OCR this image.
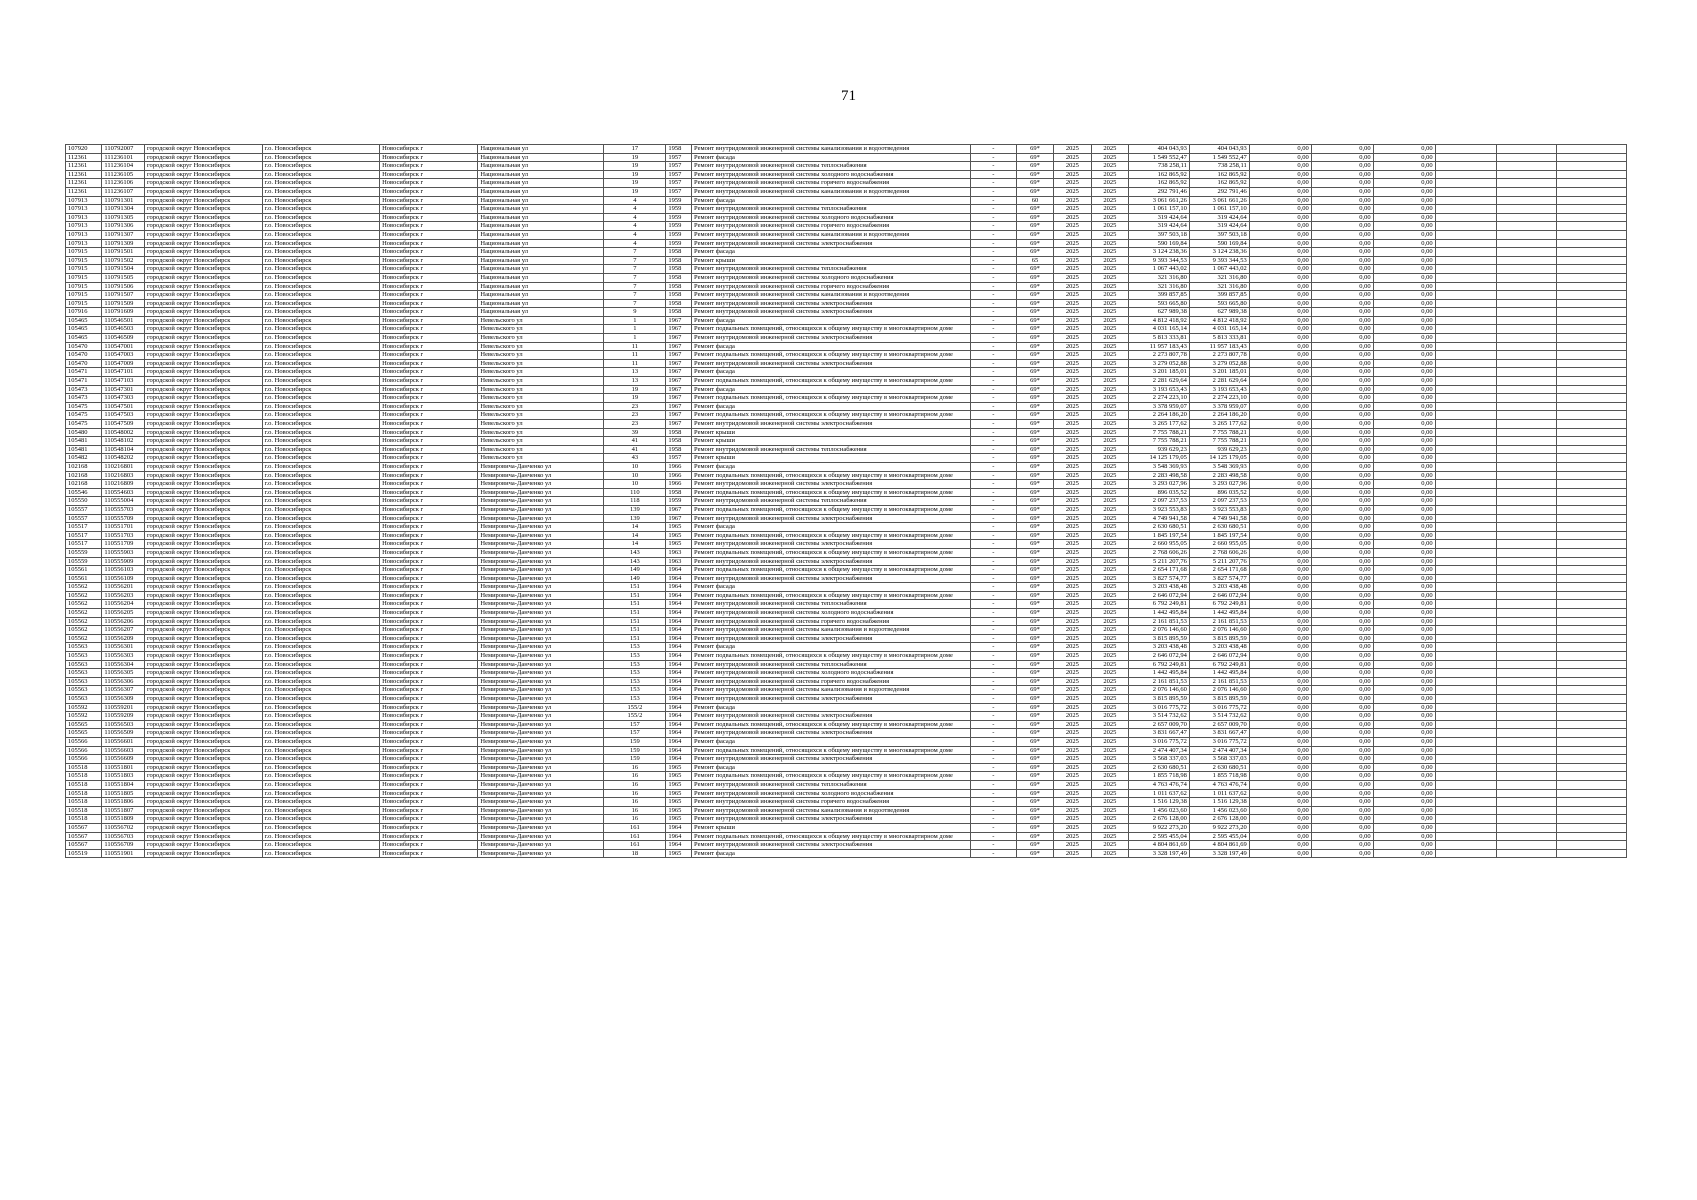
71
107920	110792007	городской округ Новосибирск	г.о. Новосибирск	Новосибирск г	Национальная ул	17	1958	Ремонт внутридомовой инженерной системы канализования и водоотведения	-	69*	2025	2025	404 043,93	404 043,93	0,00	0,00	0,00			
112361	111236101	городской округ Новосибирск	г.о. Новосибирск	Новосибирск г	Национальная ул	19	1957	Ремонт фасада	-	69*	2025	2025	1 549 552,47	1 549 552,47	0,00	0,00	0,00			
112361	111236104	городской округ Новосибирск	г.о. Новосибирск	Новосибирск г	Национальная ул	19	1957	Ремонт внутридомовой инженерной системы теплоснабжения	-	69*	2025	2025	738 258,11	738 258,11	0,00	0,00	0,00			
112361	111236105	городской округ Новосибирск	г.о. Новосибирск	Новосибирск г	Национальная ул	19	1957	Ремонт внутридомовой инженерной системы холодного водоснабжения	-	69*	2025	2025	162 865,92	162 865,92	0,00	0,00	0,00			
112361	111236106	городской округ Новосибирск	г.о. Новосибирск	Новосибирск г	Национальная ул	19	1957	Ремонт внутридомовой инженерной системы горячего водоснабжения	-	69*	2025	2025	162 865,92	162 865,92	0,00	0,00	0,00			
112361	111236107	городской округ Новосибирск	г.о. Новосибирск	Новосибирск г	Национальная ул	19	1957	Ремонт внутридомовой инженерной системы канализования и водоотведения	-	69*	2025	2025	292 791,46	292 791,46	0,00	0,00	0,00			
107913	110791301	городской округ Новосибирск	г.о. Новосибирск	Новосибирск г	Национальная ул	4	1959	Ремонт фасада	-	60	2025	2025	3 061 661,26	3 061 661,26	0,00	0,00	0,00			
107913	110791304	городской округ Новосибирск	г.о. Новосибирск	Новосибирск г	Национальная ул	4	1959	Ремонт внутридомовой инженерной системы теплоснабжения	-	69*	2025	2025	1 061 157,10	1 061 157,10	0,00	0,00	0,00			
107913	110791305	городской округ Новосибирск	г.о. Новосибирск	Новосибирск г	Национальная ул	4	1959	Ремонт внутридомовой инженерной системы холодного водоснабжения	-	69*	2025	2025	319 424,64	319 424,64	0,00	0,00	0,00			
107913	110791306	городской округ Новосибирск	г.о. Новосибирск	Новосибирск г	Национальная ул	4	1959	Ремонт внутридомовой инженерной системы горячего водоснабжения	-	69*	2025	2025	319 424,64	319 424,64	0,00	0,00	0,00			
107913	110791307	городской округ Новосибирск	г.о. Новосибирск	Новосибирск г	Национальная ул	4	1959	Ремонт внутридомовой инженерной системы канализования и водоотведения	-	69*	2025	2025	397 503,18	397 503,18	0,00	0,00	0,00			
107913	110791309	городской округ Новосибирск	г.о. Новосибирск	Новосибирск г	Национальная ул	4	1959	Ремонт внутридомовой инженерной системы электроснабжения	-	69*	2025	2025	590 169,84	590 169,84	0,00	0,00	0,00			
107915	110791501	городской округ Новосибирск	г.о. Новосибирск	Новосибирск г	Национальная ул	7	1958	Ремонт фасада	-	69*	2025	2025	3 124 238,36	3 124 238,36	0,00	0,00	0,00			
107915	110791502	городской округ Новосибирск	г.о. Новосибирск	Новосибирск г	Национальная ул	7	1958	Ремонт крыши	-	65	2025	2025	9 393 344,53	9 393 344,53	0,00	0,00	0,00			
107915	110791504	городской округ Новосибирск	г.о. Новосибирск	Новосибирск г	Национальная ул	7	1958	Ремонт внутридомовой инженерной системы теплоснабжения	-	69*	2025	2025	1 067 443,02	1 067 443,02	0,00	0,00	0,00			
107915	110791505	городской округ Новосибирск	г.о. Новосибирск	Новосибирск г	Национальная ул	7	1958	Ремонт внутридомовой инженерной системы холодного водоснабжения	-	69*	2025	2025	321 316,80	321 316,80	0,00	0,00	0,00			
107915	110791506	городской округ Новосибирск	г.о. Новосибирск	Новосибирск г	Национальная ул	7	1958	Ремонт внутридомовой инженерной системы горячего водоснабжения	-	69*	2025	2025	321 316,80	321 316,80	0,00	0,00	0,00			
107915	110791507	городской округ Новосибирск	г.о. Новосибирск	Новосибирск г	Национальная ул	7	1958	Ремонт внутридомовой инженерной системы канализования и водоотведения	-	69*	2025	2025	399 857,85	399 857,85	0,00	0,00	0,00			
107915	110791509	городской округ Новосибирск	г.о. Новосибирск	Новосибирск г	Национальная ул	7	1958	Ремонт внутридомовой инженерной системы электроснабжения	-	69*	2025	2025	593 665,80	593 665,80	0,00	0,00	0,00			
107916	110791609	городской округ Новосибирск	г.о. Новосибирск	Новосибирск г	Национальная ул	9	1958	Ремонт внутридомовой инженерной системы электроснабжения	-	69*	2025	2025	627 989,38	627 989,38	0,00	0,00	0,00			
105465	110546501	городской округ Новосибирск	г.о. Новосибирск	Новосибирск г	Невельского ул	1	1967	Ремонт фасада	-	69*	2025	2025	4 812 418,92	4 812 418,92	0,00	0,00	0,00			
105465	110546503	городской округ Новосибирск	г.о. Новосибирск	Новосибирск г	Невельского ул	1	1967	Ремонт подвальных помещений, относящихся к общему имуществу в многоквартирном доме	-	69*	2025	2025	4 031 165,14	4 031 165,14	0,00	0,00	0,00			
105465	110546509	городской округ Новосибирск	г.о. Новосибирск	Новосибирск г	Невельского ул	1	1967	Ремонт внутридомовой инженерной системы электроснабжения	-	69*	2025	2025	5 813 333,81	5 813 333,81	0,00	0,00	0,00			
105470	110547001	городской округ Новосибирск	г.о. Новосибирск	Новосибирск г	Невельского ул	11	1967	Ремонт фасада	-	69*	2025	2025	11 957 183,43	11 957 183,43	0,00	0,00	0,00			
105470	110547003	городской округ Новосибирск	г.о. Новосибирск	Новосибирск г	Невельского ул	11	1967	Ремонт подвальных помещений, относящихся к общему имуществу в многоквартирном доме	-	69*	2025	2025	2 273 807,78	2 273 807,78	0,00	0,00	0,00			
105470	110547009	городской округ Новосибирск	г.о. Новосибирск	Новосибирск г	Невельского ул	11	1967	Ремонт внутридомовой инженерной системы электроснабжения	-	69*	2025	2025	3 279 052,88	3 279 052,88	0,00	0,00	0,00			
105471	110547101	городской округ Новосибирск	г.о. Новосибирск	Новосибирск г	Невельского ул	13	1967	Ремонт фасада	-	69*	2025	2025	3 201 185,01	3 201 185,01	0,00	0,00	0,00			
105471	110547103	городской округ Новосибирск	г.о. Новосибирск	Новосибирск г	Невельского ул	13	1967	Ремонт подвальных помещений, относящихся к общему имуществу в многоквартирном доме	-	69*	2025	2025	2 281 629,64	2 281 629,64	0,00	0,00	0,00			
105473	110547301	городской округ Новосибирск	г.о. Новосибирск	Новосибирск г	Невельского ул	19	1967	Ремонт фасада	-	69*	2025	2025	3 193 653,43	3 193 653,43	0,00	0,00	0,00			
105473	110547303	городской округ Новосибирск	г.о. Новосибирск	Новосибирск г	Невельского ул	19	1967	Ремонт подвальных помещений, относящихся к общему имуществу в многоквартирном доме	-	69*	2025	2025	2 274 223,10	2 274 223,10	0,00	0,00	0,00			
105475	110547501	городской округ Новосибирск	г.о. Новосибирск	Новосибирск г	Невельского ул	23	1967	Ремонт фасада	-	69*	2025	2025	3 378 959,07	3 378 959,07	0,00	0,00	0,00			
105475	110547503	городской округ Новосибирск	г.о. Новосибирск	Новосибирск г	Невельского ул	23	1967	Ремонт подвальных помещений, относящихся к общему имуществу в многоквартирном доме	-	69*	2025	2025	2 264 186,20	2 264 186,20	0,00	0,00	0,00			
105475	110547509	городской округ Новосибирск	г.о. Новосибирск	Новосибирск г	Невельского ул	23	1967	Ремонт внутридомовой инженерной системы электроснабжения	-	69*	2025	2025	3 265 177,62	3 265 177,62	0,00	0,00	0,00			
105480	110548002	городской округ Новосибирск	г.о. Новосибирск	Новосибирск г	Невельского ул	39	1958	Ремонт крыши	-	69*	2025	2025	7 755 788,21	7 755 788,21	0,00	0,00	0,00			
105481	110548102	городской округ Новосибирск	г.о. Новосибирск	Новосибирск г	Невельского ул	41	1958	Ремонт крыши	-	69*	2025	2025	7 755 788,21	7 755 788,21	0,00	0,00	0,00			
105481	110548104	городской округ Новосибирск	г.о. Новосибирск	Новосибирск г	Невельского ул	41	1958	Ремонт внутридомовой инженерной системы теплоснабжения	-	69*	2025	2025	939 629,23	939 629,23	0,00	0,00	0,00			
105482	110548202	городской округ Новосибирск	г.о. Новосибирск	Новосибирск г	Невельского ул	43	1957	Ремонт крыши	-	69*	2025	2025	14 125 179,05	14 125 179,05	0,00	0,00	0,00			
102168	110216801	городской округ Новосибирск	г.о. Новосибирск	Новосибирск г	Немировича-Данченко ул	10	1966	Ремонт фасада	-	69*	2025	2025	3 548 369,93	3 548 369,93	0,00	0,00	0,00			
102168	110216803	городской округ Новосибирск	г.о. Новосибирск	Новосибирск г	Немировича-Данченко ул	10	1966	Ремонт подвальных помещений, относящихся к общему имуществу в многоквартирном доме	-	69*	2025	2025	2 283 498,58	2 283 498,58	0,00	0,00	0,00			
102168	110216809	городской округ Новосибирск	г.о. Новосибирск	Новосибирск г	Немировича-Данченко ул	10	1966	Ремонт внутридомовой инженерной системы электроснабжения	-	69*	2025	2025	3 293 027,96	3 293 027,96	0,00	0,00	0,00			
105546	110554603	городской округ Новосибирск	г.о. Новосибирск	Новосибирск г	Немировича-Данченко ул	110	1958	Ремонт подвальных помещений, относящихся к общему имуществу в многоквартирном доме	-	69*	2025	2025	896 035,52	896 035,52	0,00	0,00	0,00			
105550	110555004	городской округ Новосибирск	г.о. Новосибирск	Новосибирск г	Немировича-Данченко ул	118	1959	Ремонт внутридомовой инженерной системы теплоснабжения	-	69*	2025	2025	2 097 237,53	2 097 237,53	0,00	0,00	0,00			
105557	110555703	городской округ Новосибирск	г.о. Новосибирск	Новосибирск г	Немировича-Данченко ул	139	1967	Ремонт подвальных помещений, относящихся к общему имуществу в многоквартирном доме	-	69*	2025	2025	3 923 553,83	3 923 553,83	0,00	0,00	0,00			
105557	110555709	городской округ Новосибирск	г.о. Новосибирск	Новосибирск г	Немировича-Данченко ул	139	1967	Ремонт внутридомовой инженерной системы электроснабжения	-	69*	2025	2025	4 749 941,58	4 749 941,58	0,00	0,00	0,00			
105517	110551701	городской округ Новосибирск	г.о. Новосибирск	Новосибирск г	Немировича-Данченко ул	14	1965	Ремонт фасада	-	69*	2025	2025	2 630 680,51	2 630 680,51	0,00	0,00	0,00			
105517	110551703	городской округ Новосибирск	г.о. Новосибирск	Новосибирск г	Немировича-Данченко ул	14	1965	Ремонт подвальных помещений, относящихся к общему имуществу в многоквартирном доме	-	69*	2025	2025	1 845 197,54	1 845 197,54	0,00	0,00	0,00			
105517	110551709	городской округ Новосибирск	г.о. Новосибирск	Новосибирск г	Немировича-Данченко ул	14	1965	Ремонт внутридомовой инженерной системы электроснабжения	-	69*	2025	2025	2 660 955,05	2 660 955,05	0,00	0,00	0,00			
105559	110555903	городской округ Новосибирск	г.о. Новосибирск	Новосибирск г	Немировича-Данченко ул	143	1963	Ремонт подвальных помещений, относящихся к общему имуществу в многоквартирном доме	-	69*	2025	2025	2 768 606,26	2 768 606,26	0,00	0,00	0,00			
105559	110555909	городской округ Новосибирск	г.о. Новосибирск	Новосибирск г	Немировича-Данченко ул	143	1963	Ремонт внутридомовой инженерной системы электроснабжения	-	69*	2025	2025	5 211 207,76	5 211 207,76	0,00	0,00	0,00			
105561	110556103	городской округ Новосибирск	г.о. Новосибирск	Новосибирск г	Немировича-Данченко ул	149	1964	Ремонт подвальных помещений, относящихся к общему имуществу в многоквартирном доме	-	69*	2025	2025	2 654 171,68	2 654 171,68	0,00	0,00	0,00			
105561	110556109	городской округ Новосибирск	г.о. Новосибирск	Новосибирск г	Немировича-Данченко ул	149	1964	Ремонт внутридомовой инженерной системы электроснабжения	-	69*	2025	2025	3 827 574,77	3 827 574,77	0,00	0,00	0,00			
105562	110556201	городской округ Новосибирск	г.о. Новосибирск	Новосибирск г	Немировича-Данченко ул	151	1964	Ремонт фасада	-	69*	2025	2025	3 203 438,48	3 203 438,48	0,00	0,00	0,00			
105562	110556203	городской округ Новосибирск	г.о. Новосибирск	Новосибирск г	Немировича-Данченко ул	151	1964	Ремонт подвальных помещений, относящихся к общему имуществу в многоквартирном доме	-	69*	2025	2025	2 646 072,94	2 646 072,94	0,00	0,00	0,00			
105562	110556204	городской округ Новосибирск	г.о. Новосибирск	Новосибирск г	Немировича-Данченко ул	151	1964	Ремонт внутридомовой инженерной системы теплоснабжения	-	69*	2025	2025	6 792 249,81	6 792 249,81	0,00	0,00	0,00			
105562	110556205	городской округ Новосибирск	г.о. Новосибирск	Новосибирск г	Немировича-Данченко ул	151	1964	Ремонт внутридомовой инженерной системы холодного водоснабжения	-	69*	2025	2025	1 442 495,84	1 442 495,84	0,00	0,00	0,00			
105562	110556206	городской округ Новосибирск	г.о. Новосибирск	Новосибирск г	Немировича-Данченко ул	151	1964	Ремонт внутридомовой инженерной системы горячего водоснабжения	-	69*	2025	2025	2 161 851,53	2 161 851,53	0,00	0,00	0,00			
105562	110556207	городской округ Новосибирск	г.о. Новосибирск	Новосибирск г	Немировича-Данченко ул	151	1964	Ремонт внутридомовой инженерной системы канализования и водоотведения	-	69*	2025	2025	2 076 146,60	2 076 146,60	0,00	0,00	0,00			
105562	110556209	городской округ Новосибирск	г.о. Новосибирск	Новосибирск г	Немировича-Данченко ул	151	1964	Ремонт внутридомовой инженерной системы электроснабжения	-	69*	2025	2025	3 815 895,59	3 815 895,59	0,00	0,00	0,00			
105563	110556301	городской округ Новосибирск	г.о. Новосибирск	Новосибирск г	Немировича-Данченко ул	153	1964	Ремонт фасада	-	69*	2025	2025	3 203 438,48	3 203 438,48	0,00	0,00	0,00			
105563	110556303	городской округ Новосибирск	г.о. Новосибирск	Новосибирск г	Немировича-Данченко ул	153	1964	Ремонт подвальных помещений, относящихся к общему имуществу в многоквартирном доме	-	69*	2025	2025	2 646 072,94	2 646 072,94	0,00	0,00	0,00			
105563	110556304	городской округ Новосибирск	г.о. Новосибирск	Новосибирск г	Немировича-Данченко ул	153	1964	Ремонт внутридомовой инженерной системы теплоснабжения	-	69*	2025	2025	6 792 249,81	6 792 249,81	0,00	0,00	0,00			
105563	110556305	городской округ Новосибирск	г.о. Новосибирск	Новосибирск г	Немировича-Данченко ул	153	1964	Ремонт внутридомовой инженерной системы холодного водоснабжения	-	69*	2025	2025	1 442 495,84	1 442 495,84	0,00	0,00	0,00			
105563	110556306	городской округ Новосибирск	г.о. Новосибирск	Новосибирск г	Немировича-Данченко ул	153	1964	Ремонт внутридомовой инженерной системы горячего водоснабжения	-	69*	2025	2025	2 161 851,53	2 161 851,53	0,00	0,00	0,00			
105563	110556307	городской округ Новосибирск	г.о. Новосибирск	Новосибирск г	Немировича-Данченко ул	153	1964	Ремонт внутридомовой инженерной системы канализования и водоотведения	-	69*	2025	2025	2 076 146,60	2 076 146,60	0,00	0,00	0,00			
105563	110556309	городской округ Новосибирск	г.о. Новосибирск	Новосибирск г	Немировича-Данченко ул	153	1964	Ремонт внутридомовой инженерной системы электроснабжения	-	69*	2025	2025	3 815 895,59	3 815 895,59	0,00	0,00	0,00			
105592	110559201	городской округ Новосибирск	г.о. Новосибирск	Новосибирск г	Немировича-Данченко ул	155/2	1964	Ремонт фасада	-	69*	2025	2025	3 016 775,72	3 016 775,72	0,00	0,00	0,00			
105592	110559209	городской округ Новосибирск	г.о. Новосибирск	Новосибирск г	Немировича-Данченко ул	155/2	1964	Ремонт внутридомовой инженерной системы электроснабжения	-	69*	2025	2025	3 514 732,62	3 514 732,62	0,00	0,00	0,00			
105565	110556503	городской округ Новосибирск	г.о. Новосибирск	Новосибирск г	Немировича-Данченко ул	157	1964	Ремонт подвальных помещений, относящихся к общему имуществу в многоквартирном доме	-	69*	2025	2025	2 657 009,70	2 657 009,70	0,00	0,00	0,00			
105565	110556509	городской округ Новосибирск	г.о. Новосибирск	Новосибирск г	Немировича-Данченко ул	157	1964	Ремонт внутридомовой инженерной системы электроснабжения	-	69*	2025	2025	3 831 667,47	3 831 667,47	0,00	0,00	0,00			
105566	110556601	городской округ Новосибирск	г.о. Новосибирск	Новосибирск г	Немировича-Данченко ул	159	1964	Ремонт фасада	-	69*	2025	2025	3 016 775,72	3 016 775,72	0,00	0,00	0,00			
105566	110556603	городской округ Новосибирск	г.о. Новосибирск	Новосибирск г	Немировича-Данченко ул	159	1964	Ремонт подвальных помещений, относящихся к общему имуществу в многоквартирном доме	-	69*	2025	2025	2 474 407,34	2 474 407,34	0,00	0,00	0,00			
105566	110556609	городской округ Новосибирск	г.о. Новосибирск	Новосибирск г	Немировича-Данченко ул	159	1964	Ремонт внутридомовой инженерной системы электроснабжения	-	69*	2025	2025	3 568 337,03	3 568 337,03	0,00	0,00	0,00			
105518	110551801	городской округ Новосибирск	г.о. Новосибирск	Новосибирск г	Немировича-Данченко ул	16	1965	Ремонт фасада	-	69*	2025	2025	2 630 680,51	2 630 680,51	0,00	0,00	0,00			
105518	110551803	городской округ Новосибирск	г.о. Новосибирск	Новосибирск г	Немировича-Данченко ул	16	1965	Ремонт подвальных помещений, относящихся к общему имуществу в многоквартирном доме	-	69*	2025	2025	1 855 718,98	1 855 718,98	0,00	0,00	0,00			
105518	110551804	городской округ Новосибирск	г.о. Новосибирск	Новосибирск г	Немировича-Данченко ул	16	1965	Ремонт внутридомовой инженерной системы теплоснабжения	-	69*	2025	2025	4 763 476,74	4 763 476,74	0,00	0,00	0,00			
105518	110551805	городской округ Новосибирск	г.о. Новосибирск	Новосибирск г	Немировича-Данченко ул	16	1965	Ремонт внутридомовой инженерной системы холодного водоснабжения	-	69*	2025	2025	1 011 637,62	1 011 637,62	0,00	0,00	0,00			
105518	110551806	городской округ Новосибирск	г.о. Новосибирск	Новосибирск г	Немировича-Данченко ул	16	1965	Ремонт внутридомовой инженерной системы горячего водоснабжения	-	69*	2025	2025	1 516 129,38	1 516 129,38	0,00	0,00	0,00			
105518	110551807	городской округ Новосибирск	г.о. Новосибирск	Новосибирск г	Немировича-Данченко ул	16	1965	Ремонт внутридомовой инженерной системы канализования и водоотведения	-	69*	2025	2025	1 456 023,60	1 456 023,60	0,00	0,00	0,00			
105518	110551809	городской округ Новосибирск	г.о. Новосибирск	Новосибирск г	Немировича-Данченко ул	16	1965	Ремонт внутридомовой инженерной системы электроснабжения	-	69*	2025	2025	2 676 128,00	2 676 128,00	0,00	0,00	0,00			
105567	110556702	городской округ Новосибирск	г.о. Новосибирск	Новосибирск г	Немировича-Данченко ул	161	1964	Ремонт крыши	-	69*	2025	2025	9 922 273,20	9 922 273,20	0,00	0,00	0,00			
105567	110556703	городской округ Новосибирск	г.о. Новосибирск	Новосибирск г	Немировича-Данченко ул	161	1964	Ремонт подвальных помещений, относящихся к общему имуществу в многоквартирном доме	-	69*	2025	2025	2 595 455,04	2 595 455,04	0,00	0,00	0,00			
105567	110556709	городской округ Новосибирск	г.о. Новосибирск	Новосибирск г	Немировича-Данченко ул	161	1964	Ремонт внутридомовой инженерной системы электроснабжения	-	69*	2025	2025	4 804 861,69	4 804 861,69	0,00	0,00	0,00			
105519	110551901	городской округ Новосибирск	г.о. Новосибирск	Новосибирск г	Немировича-Данченко ул	18	1965	Ремонт фасада	-	69*	2025	2025	3 328 197,49	3 328 197,49	0,00	0,00	0,00			
